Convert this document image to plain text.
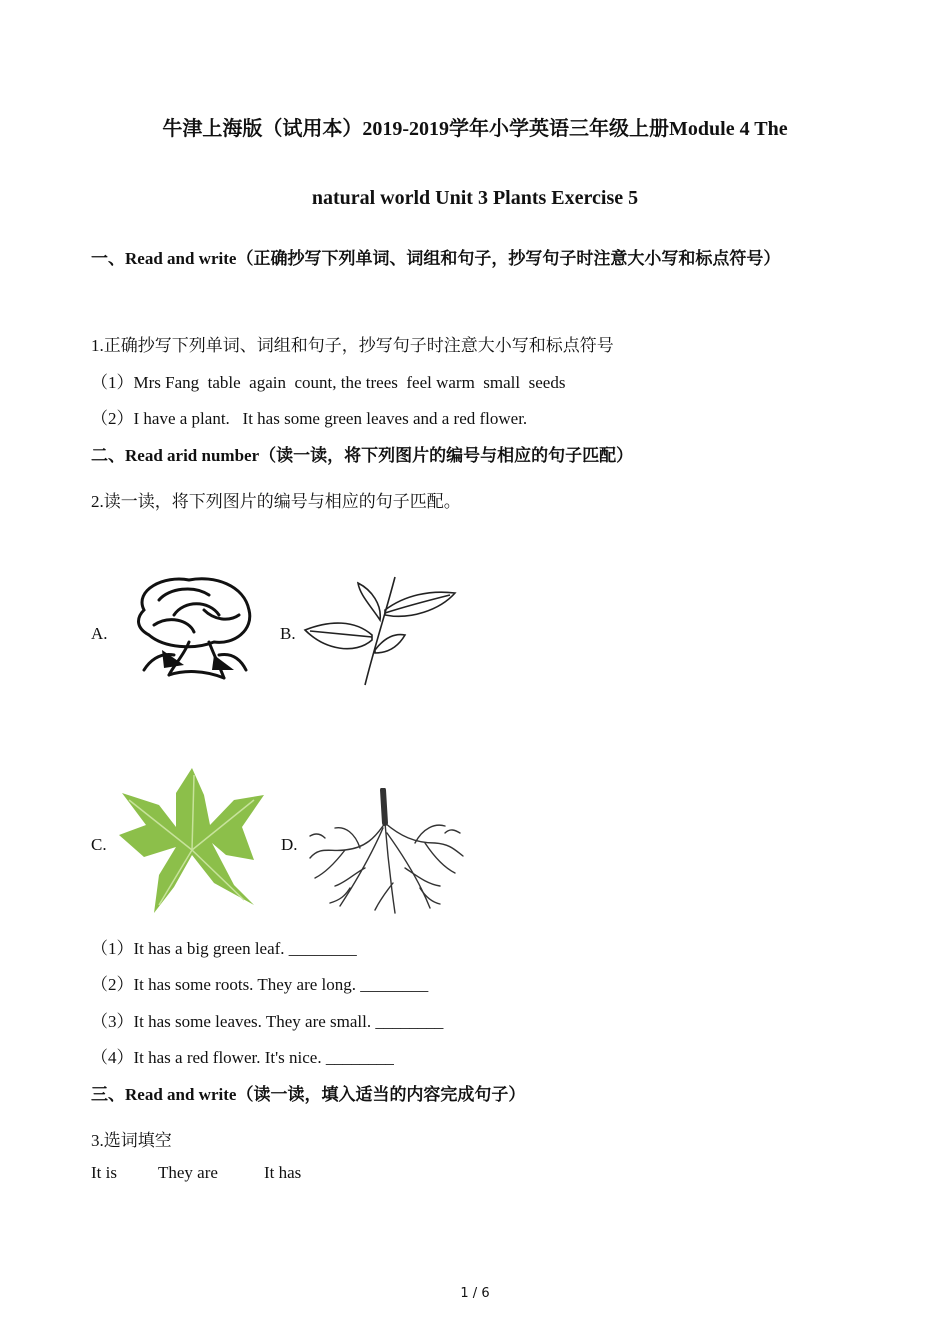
牛津上海版（试用本）2019-2019学年小学英语三年级上册Module 4 The
natural world Unit 3 Plants Exercise 5
一、Read and write（正确抄写下列单词、词组和句子，抄写句子时注意大小写和标点符号）
1.正确抄写下列单词、词组和句子，抄写句子时注意大小写和标点符号
（1）Mrs Fang  table  again  count, the trees  feel warm  small  seeds
（2）I have a plant.   It has some green leaves and a red flower.
二、Read arid number（读一读，将下列图片的编号与相应的句子匹配）
2.读一读，将下列图片的编号与相应的句子匹配。
A.	B.
C.	D.
（1）It has a big green leaf. ________
（2）It has some roots. They are long. ________
（3）It has some leaves. They are small. ________
（4）It has a red flower. It's nice. ________
三、Read and write（读一读，填入适当的内容完成句子）
3.选词填空
It is They are	It has
1 / 6
